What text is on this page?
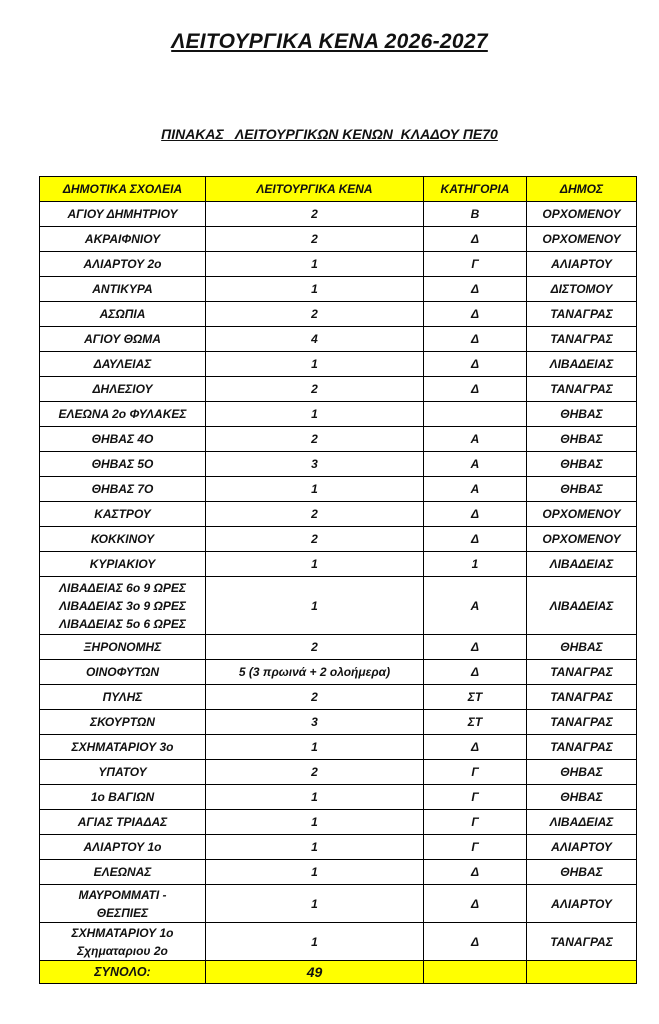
ΛΕΙΤΟΥΡΓΙΚΑ ΚΕΝΑ 2026-2027
ΠΙΝΑΚΑΣ   ΛΕΙΤΟΥΡΓΙΚΩΝ ΚΕΝΩΝ  ΚΛΑΔΟΥ ΠΕ70
ΔΗΜΟΤΙΚΑ ΣΧΟΛΕΙΑ	ΛΕΙΤΟΥΡΓΙΚΑ ΚΕΝΑ	ΚΑΤΗΓΟΡΙΑ	ΔΗΜΟΣ
ΑΓΙΟΥ ΔΗΜΗΤΡΙΟΥ	2	Β	ΟΡΧΟΜΕΝΟΥ
ΑΚΡΑΙΦΝΙΟΥ	2	Δ	ΟΡΧΟΜΕΝΟΥ
ΑΛΙΑΡΤΟΥ 2ο	1	Γ	ΑΛΙΑΡΤΟΥ
ΑΝΤΙΚΥΡΑ	1	Δ	ΔΙΣΤΟΜΟΥ
ΑΣΩΠΙΑ	2	Δ	ΤΑΝΑΓΡΑΣ
ΑΓΙΟΥ ΘΩΜΑ	4	Δ	ΤΑΝΑΓΡΑΣ
ΔΑΥΛΕΙΑΣ	1	Δ	ΛΙΒΑΔΕΙΑΣ
ΔΗΛΕΣΙΟΥ	2	Δ	ΤΑΝΑΓΡΑΣ
ΕΛΕΩΝΑ 2ο ΦΥΛΑΚΕΣ	1		ΘΗΒΑΣ
ΘΗΒΑΣ 4Ο	2	Α	ΘΗΒΑΣ
ΘΗΒΑΣ 5Ο	3	Α	ΘΗΒΑΣ
ΘΗΒΑΣ 7Ο	1	Α	ΘΗΒΑΣ
ΚΑΣΤΡΟΥ	2	Δ	ΟΡΧΟΜΕΝΟΥ
ΚΟΚΚΙΝΟΥ	2	Δ	ΟΡΧΟΜΕΝΟΥ
ΚΥΡΙΑΚΙΟΥ	1	1	ΛΙΒΑΔΕΙΑΣ

ΛΙΒΑΔΕΙΑΣ 6ο 9 ΩΡΕΣ
ΛΙΒΑΔΕΙΑΣ 3ο 9 ΩΡΕΣ
ΛΙΒΑΔΕΙΑΣ 5ο 6 ΩΡΕΣ	1	Α	ΛΙΒΑΔΕΙΑΣ
ΞΗΡΟΝΟΜΗΣ	2	Δ	ΘΗΒΑΣ
ΟΙΝΟΦΥΤΩΝ	5 (3 πρωινά + 2 ολοήμερα)	Δ	ΤΑΝΑΓΡΑΣ
ΠΥΛΗΣ	2	ΣΤ	ΤΑΝΑΓΡΑΣ
ΣΚΟΥΡΤΩΝ	3	ΣΤ	ΤΑΝΑΓΡΑΣ
ΣΧΗΜΑΤΑΡΙΟΥ 3ο	1	Δ	ΤΑΝΑΓΡΑΣ
ΥΠΑΤΟΥ	2	Γ	ΘΗΒΑΣ
1ο ΒΑΓΙΩΝ	1	Γ	ΘΗΒΑΣ
ΑΓΙΑΣ ΤΡΙΑΔΑΣ	1	Γ	ΛΙΒΑΔΕΙΑΣ
ΑΛΙΑΡΤΟΥ 1ο	1	Γ	ΑΛΙΑΡΤΟΥ
ΕΛΕΩΝΑΣ	1	Δ	ΘΗΒΑΣ

ΜΑΥΡΟΜΜΑΤΙ -
ΘΕΣΠΙΕΣ	1	Δ	ΑΛΙΑΡΤΟΥ

ΣΧΗΜΑΤΑΡΙΟΥ 1ο
Σχηματαριου 2ο	1	Δ	ΤΑΝΑΓΡΑΣ
ΣΥΝΟΛΟ:	49		
